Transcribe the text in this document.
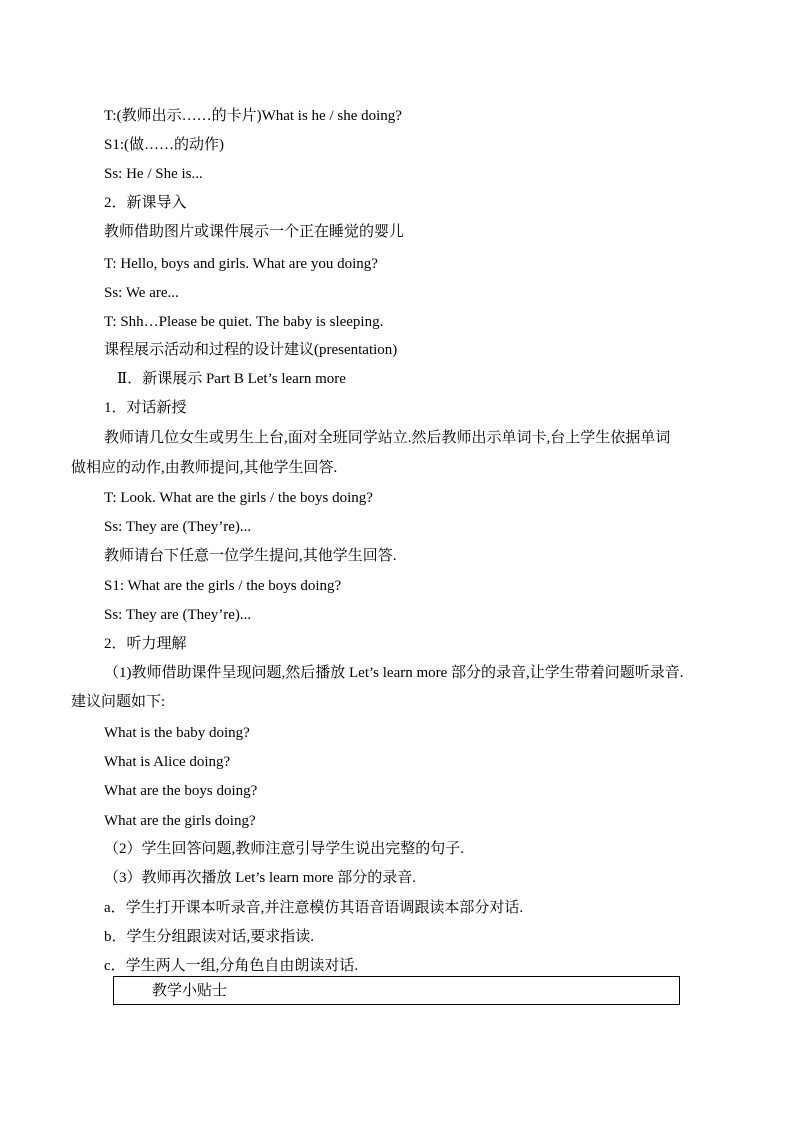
T:(教师出示……的卡片)What is he / she doing?
S1:(做……的动作)
Ss: He / She is...
2．新课导入
教师借助图片或课件展示一个正在睡觉的婴儿
T: Hello, boys and girls. What are you doing?
Ss: We are...
T: Shh…Please be quiet. The baby is sleeping.
课程展示活动和过程的设计建议(presentation)
Ⅱ．新课展示 Part B Let’s learn more
1．对话新授
教师请几位女生或男生上台,面对全班同学站立.然后教师出示单词卡,台上学生依据单词
做相应的动作,由教师提问,其他学生回答.
T: Look. What are the girls / the boys doing?
Ss: They are (They’re)...
教师请台下任意一位学生提问,其他学生回答.
S1: What are the girls / the boys doing?
Ss: They are (They’re)...
2．听力理解
（1)教师借助课件呈现问题,然后播放 Let’s learn more 部分的录音,让学生带着问题听录音.
建议问题如下:
What is the baby doing?
What is Alice doing?
What are the boys doing?
What are the girls doing?
（2）学生回答问题,教师注意引导学生说出完整的句子.
（3）教师再次播放 Let’s learn more 部分的录音.
a．学生打开课本听录音,并注意模仿其语音语调跟读本部分对话.
b．学生分组跟读对话,要求指读.
c．学生两人一组,分角色自由朗读对话.
教学小贴士
